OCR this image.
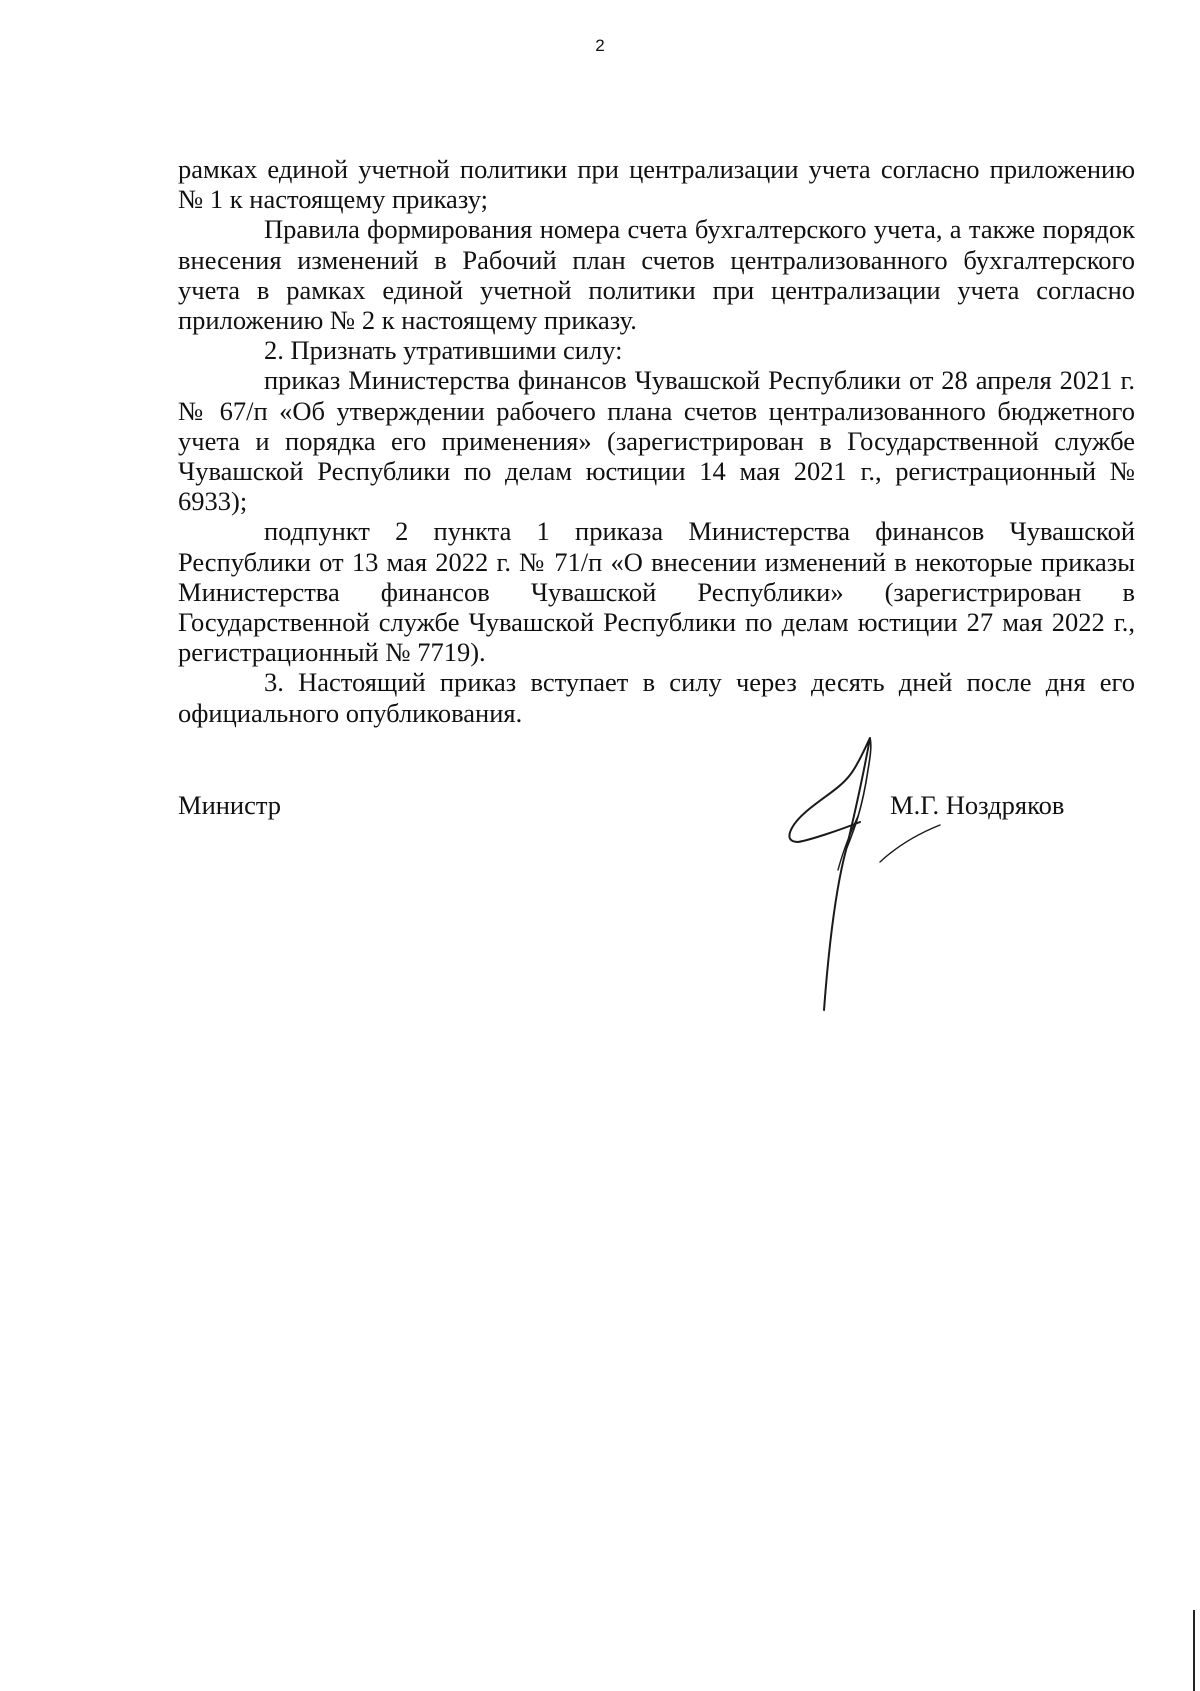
2

рамках единой учетной политики при централизации учета согласно приложению № 1 к настоящему приказу;

Правила формирования номера счета бухгалтерского учета, а также порядок внесения изменений в Рабочий план счетов централизованного бухгалтерского учета в рамках единой учетной политики при централизации учета согласно приложению № 2 к настоящему приказу.

2. Признать утратившими силу:

приказ Министерства финансов Чувашской Республики от 28 апреля 2021 г. № 67/п «Об утверждении рабочего плана счетов централизованного бюджетного учета и порядка его применения» (зарегистрирован в Государственной службе Чувашской Республики по делам юстиции 14 мая 2021 г., регистрационный № 6933);

подпункт 2 пункта 1 приказа Министерства финансов Чувашской Республики от 13 мая 2022 г. № 71/п «О внесении изменений в некоторые приказы Министерства финансов Чувашской Республики» (зарегистрирован в Государственной службе Чувашской Республики по делам юстиции 27 мая 2022 г., регистрационный № 7719).

3. Настоящий приказ вступает в силу через десять дней после дня его официального опубликования.

Министр	М.Г. Ноздряков
